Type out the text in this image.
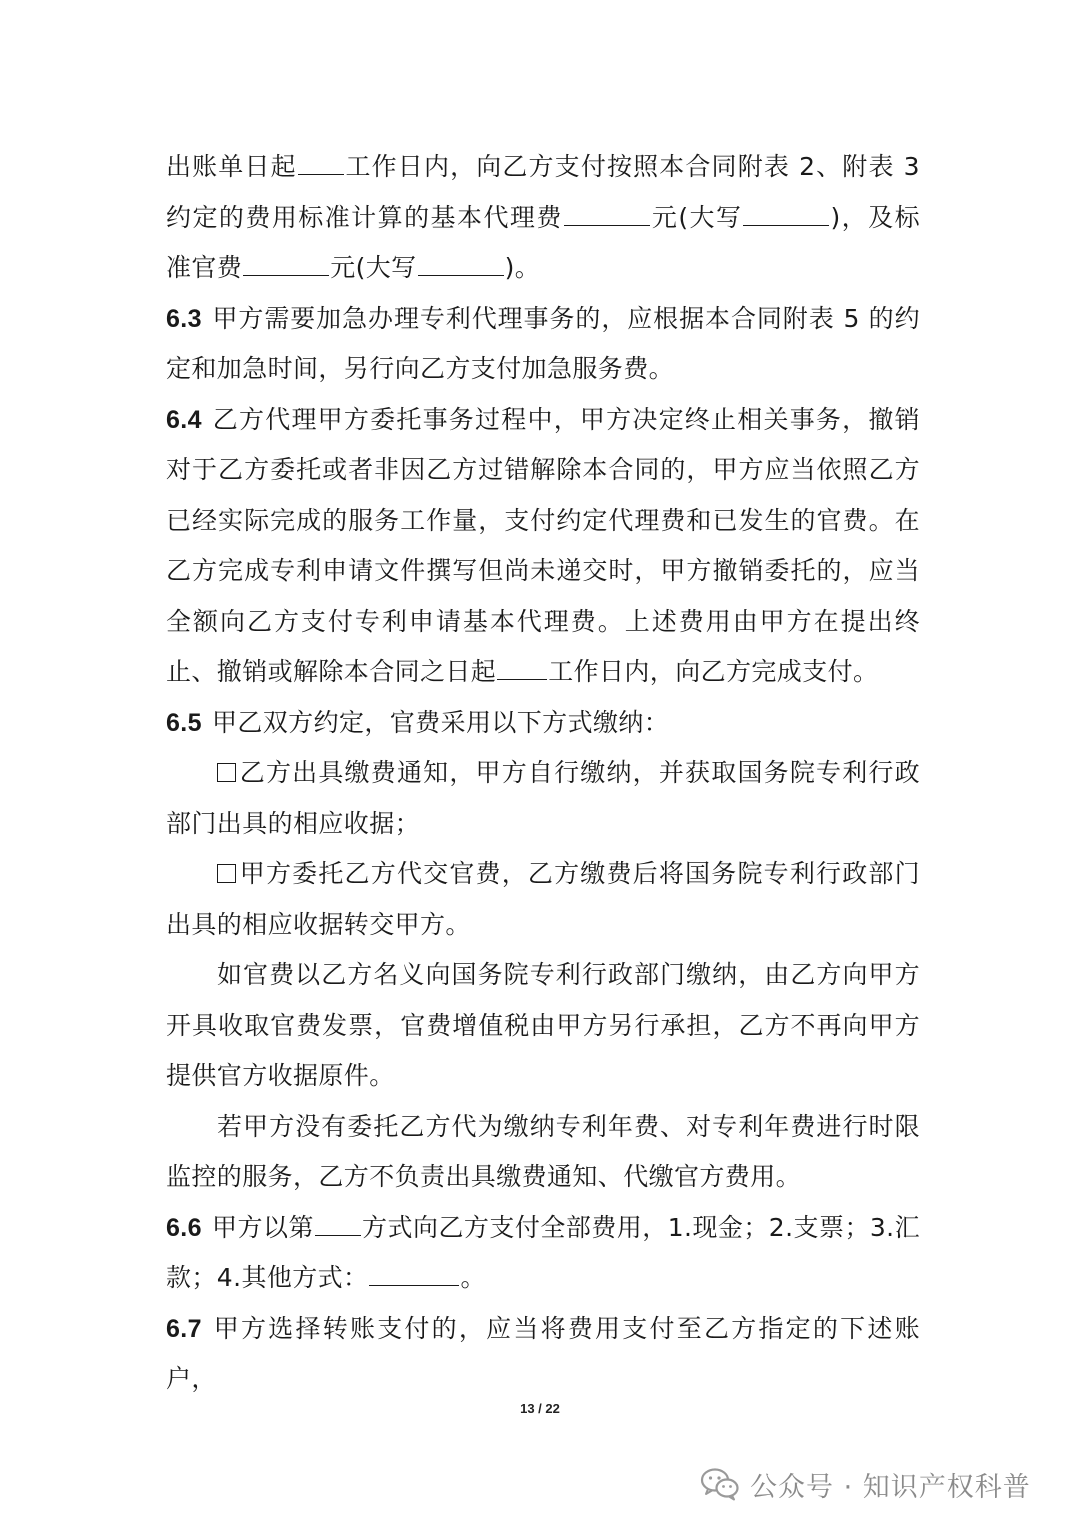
出账单日起 工作日内，向乙方支付按照本合同附表 2、附表 3 约定的费用标准计算的基本代理费	元(大写	)，及标准官费	元(大写	)。

6.3 甲方需要加急办理专利代理事务的，应根据本合同附表 5 的约定和加急时间，另行向乙方支付加急服务费。

6.4 乙方代理甲方委托事务过程中，甲方决定终止相关事务，撤销对于乙方委托或者非因乙方过错解除本合同的，甲方应当依照乙方已经实际完成的服务工作量，支付约定代理费和已发生的官费。在乙方完成专利申请文件撰写但尚未递交时，甲方撤销委托的，应当全额向乙方支付专利申请基本代理费。上述费用由甲方在提出终止、撤销或解除本合同之日起 工作日内，向乙方完成支付。

6.5 甲乙双方约定，官费采用以下方式缴纳：

乙方出具缴费通知，甲方自行缴纳，并获取国务院专利行政部门出具的相应收据；

甲方委托乙方代交官费，乙方缴费后将国务院专利行政部门出具的相应收据转交甲方。

如官费以乙方名义向国务院专利行政部门缴纳，由乙方向甲方开具收取官费发票，官费增值税由甲方另行承担，乙方不再向甲方提供官方收据原件。

若甲方没有委托乙方代为缴纳专利年费、对专利年费进行时限监控的服务，乙方不负责出具缴费通知、代缴官方费用。

6.6 甲方以第 方式向乙方支付全部费用，1.现金；2.支票；3.汇款；4.其他方式：	。

6.7 甲方选择转账支付的，应当将费用支付至乙方指定的下述账户，

13 / 22
公众号 · 知识产权科普
